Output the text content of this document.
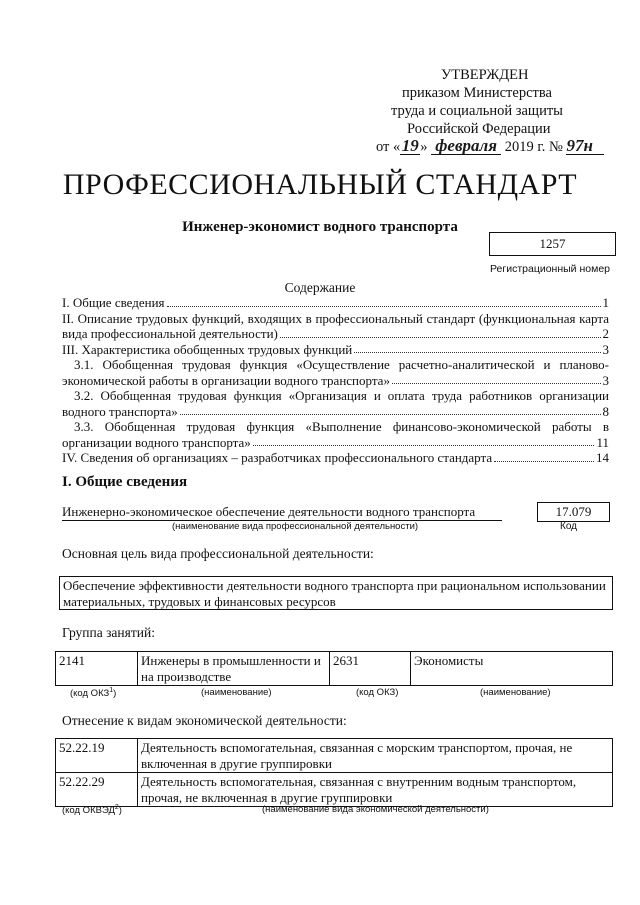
УТВЕРЖДЕН
приказом Министерства
труда и социальной защиты
Российской Федерации
от «19 » февраля 2019 г. № 97н
ПРОФЕССИОНАЛЬНЫЙ СТАНДАРТ
Инженер-экономист водного транспорта
1257
Регистрационный номер
Содержание
I. Общие сведения	1
II. Описание трудовых функций, входящих в профессиональный стандарт (функциональная карта
вида профессиональной деятельности)	2
III. Характеристика обобщенных трудовых функций	3
3.1. Обобщенная трудовая функция «Осуществление расчетно-аналитической и планово-
экономической работы в организации водного транспорта»	3
3.2. Обобщенная трудовая функция «Организация и оплата труда работников организации
водного транспорта»	8
3.3. Обобщенная трудовая функция «Выполнение финансово-экономической работы в
организации водного транспорта»	11
IV. Сведения об организациях – разработчиках профессионального стандарта	14
I. Общие сведения
Инженерно-экономическое обеспечение деятельности водного транспорта	17.079
(наименование вида профессиональной деятельности)	Код
Основная цель вида профессиональной деятельности:
Обеспечение эффективности деятельности водного транспорта при рациональном использовании материальных, трудовых и финансовых ресурсов
Группа занятий:
2141	Инженеры в промышленности и на производстве	2631	Экономисты
(код ОКЗ$^1$)	(наименование)	(код ОКЗ)	(наименование)
Отнесение к видам экономической деятельности:
52.22.19	Деятельность вспомогательная, связанная с морским транспортом, прочая, не включенная в другие группировки
52.22.29	Деятельность вспомогательная, связанная с внутренним водным транспортом, прочая, не включенная в другие группировки
(код ОКВЭД$^2$)	(наименование вида экономической деятельности)
